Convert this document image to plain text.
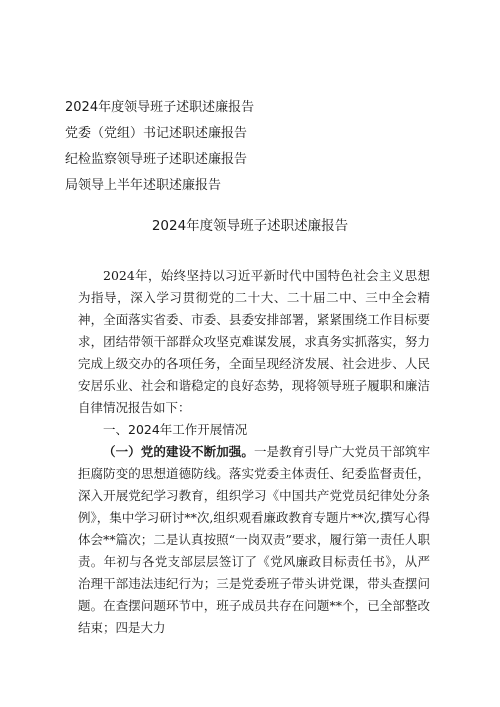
2024年度领导班子述职述廉报告
党委（党组）书记述职述廉报告
纪检监察领导班子述职述廉报告
局领导上半年述职述廉报告
2024年度领导班子述职述廉报告

2024年，始终坚持以习近平新时代中国特色社会主义思想为指导，深入学习贯彻党的二十大、二十届二中、三中全会精神，全面落实省委、市委、县委安排部署，紧紧围绕工作目标要求，团结带领干部群众攻坚克难谋发展，求真务实抓落实，努力完成上级交办的各项任务，全面呈现经济发展、社会进步、人民安居乐业、社会和谐稳定的良好态势，现将领导班子履职和廉洁自律情况报告如下：

一、2024年工作开展情况

（一）党的建设不断加强。一是教育引导广大党员干部筑牢拒腐防变的思想道德防线。落实党委主体责任、纪委监督责任，深入开展党纪学习教育，组织学习《中国共产党党员纪律处分条例》，集中学习研讨**次,组织观看廉政教育专题片**次,撰写心得体会**篇次；二是认真按照“一岗双责”要求，履行第一责任人职责。年初与各党支部层层签订了《党风廉政目标责任书》，从严治理干部违法违纪行为；三是党委班子带头讲党课，带头查摆问题。在查摆问题环节中，班子成员共存在问题**个，已全部整改结束；四是大力
